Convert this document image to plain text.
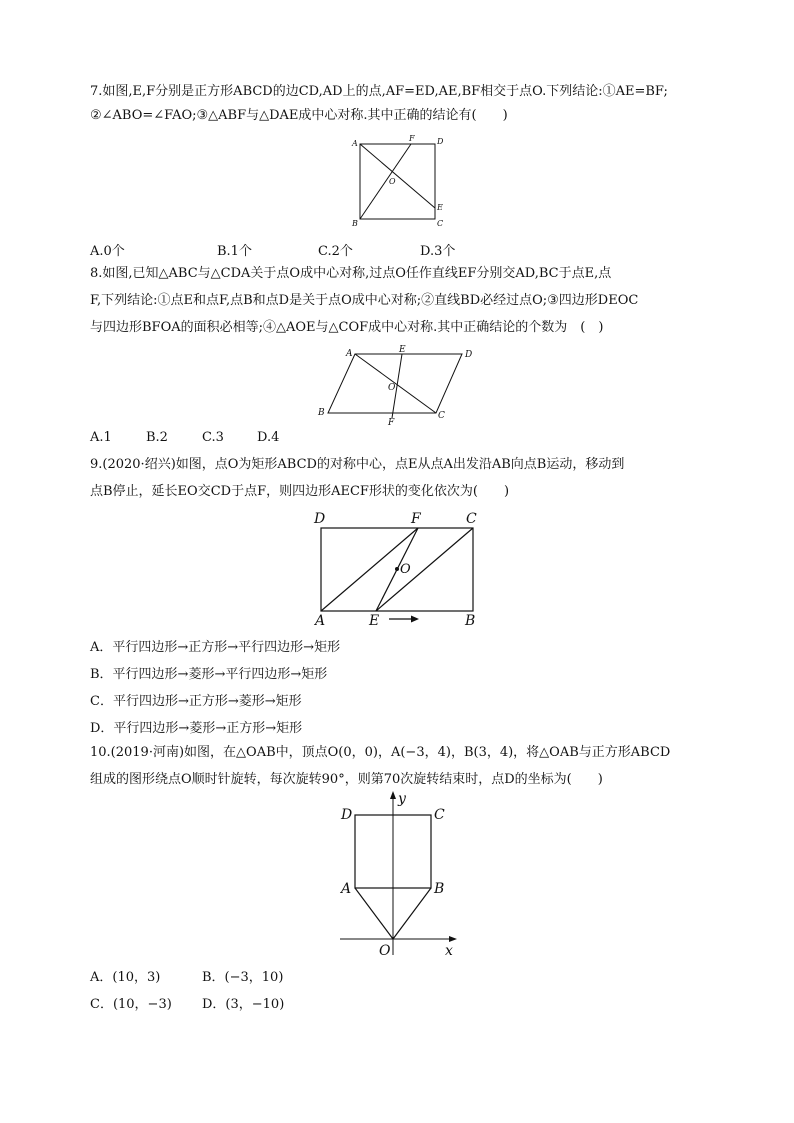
7.如图,E,F分别是正方形ABCD的边CD,AD上的点,AF=ED,AE,BF相交于点O.下列结论:①AE=BF;
②∠ABO=∠FAO;③△ABF与△DAE成中心对称.其中正确的结论有(　　)
A
B	C
D
E
F
O
A.0个	B.1个	C.2个	D.3个
8.如图,已知△ABC与△CDA关于点O成中心对称,过点O任作直线EF分别交AD,BC于点E,点
F,下列结论:①点E和点F,点B和点D是关于点O成中心对称;②直线BD必经过点O;③四边形DEOC
与四边形BFOA的面积必相等;④△AOE与△COF成中心对称.其中正确结论的个数为　(　)
A
B	C
D
E
F
O
A.1	B.2	C.3	D.4
9.(2020·绍兴)如图，点O为矩形ABCD的对称中心，点E从点A出发沿AB向点B运动，移动到
点B停止，延长EO交CD于点F，则四边形AECF形状的变化依次为(　　)
D	F	C
O
A	E	B
A．平行四边形→正方形→平行四边形→矩形
B．平行四边形→菱形→平行四边形→矩形
C．平行四边形→正方形→菱形→矩形
D．平行四边形→菱形→正方形→矩形
10.(2019·河南)如图，在△OAB中，顶点O(0，0)，A(−3，4)，B(3，4)，将△OAB与正方形ABCD
组成的图形绕点O顺时针旋转，每次旋转90°，则第70次旋转结束时，点D的坐标为(　　)
y
D	C
A	B
O	x
A．(10，3)	B．(−3，10)
C．(10，−3) D．(3，−10)
